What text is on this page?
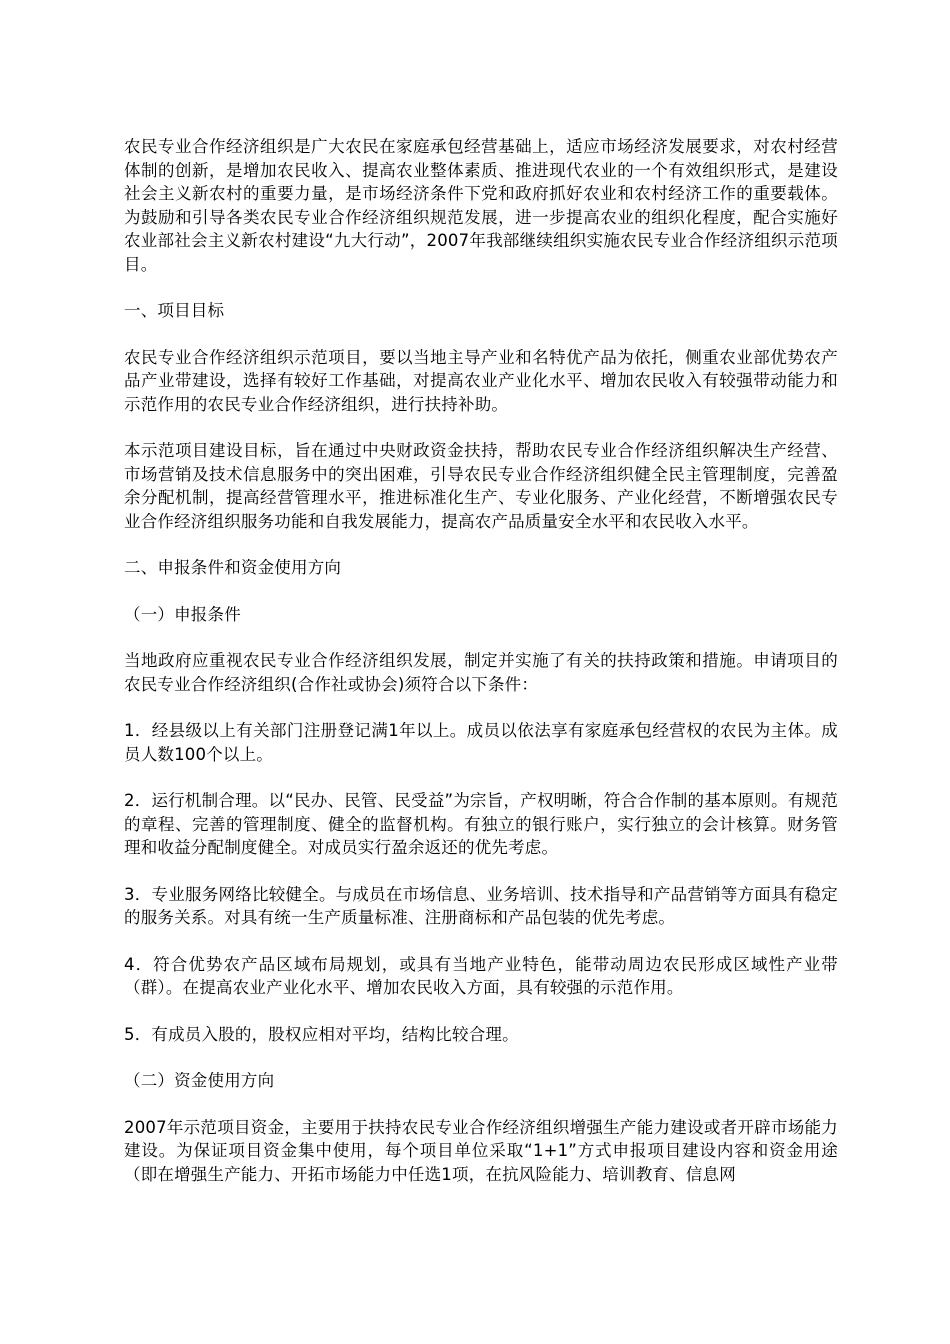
农民专业合作经济组织是广大农民在家庭承包经营基础上，适应市场经济发展要求，对农村经营体制的创新，是增加农民收入、提高农业整体素质、推进现代农业的一个有效组织形式，是建设社会主义新农村的重要力量，是市场经济条件下党和政府抓好农业和农村经济工作的重要载体。为鼓励和引导各类农民专业合作经济组织规范发展，进一步提高农业的组织化程度，配合实施好农业部社会主义新农村建设“九大行动”，2007年我部继续组织实施农民专业合作经济组织示范项目。

一、项目目标

农民专业合作经济组织示范项目，要以当地主导产业和名特优产品为依托，侧重农业部优势农产品产业带建设，选择有较好工作基础，对提高农业产业化水平、增加农民收入有较强带动能力和示范作用的农民专业合作经济组织，进行扶持补助。

本示范项目建设目标，旨在通过中央财政资金扶持，帮助农民专业合作经济组织解决生产经营、市场营销及技术信息服务中的突出困难，引导农民专业合作经济组织健全民主管理制度，完善盈余分配机制，提高经营管理水平，推进标准化生产、专业化服务、产业化经营，不断增强农民专业合作经济组织服务功能和自我发展能力，提高农产品质量安全水平和农民收入水平。

二、申报条件和资金使用方向

（一）申报条件

当地政府应重视农民专业合作经济组织发展，制定并实施了有关的扶持政策和措施。申请项目的农民专业合作经济组织(合作社或协会)须符合以下条件：

1．经县级以上有关部门注册登记满1年以上。成员以依法享有家庭承包经营权的农民为主体。成员人数100个以上。

2．运行机制合理。以“民办、民管、民受益”为宗旨，产权明晰，符合合作制的基本原则。有规范的章程、完善的管理制度、健全的监督机构。有独立的银行账户，实行独立的会计核算。财务管理和收益分配制度健全。对成员实行盈余返还的优先考虑。

3．专业服务网络比较健全。与成员在市场信息、业务培训、技术指导和产品营销等方面具有稳定的服务关系。对具有统一生产质量标准、注册商标和产品包装的优先考虑。

4．符合优势农产品区域布局规划，或具有当地产业特色，能带动周边农民形成区域性产业带（群）。在提高农业产业化水平、增加农民收入方面，具有较强的示范作用。

5．有成员入股的，股权应相对平均，结构比较合理。

（二）资金使用方向

2007年示范项目资金，主要用于扶持农民专业合作经济组织增强生产能力建设或者开辟市场能力建设。为保证项目资金集中使用，每个项目单位采取“1+1”方式申报项目建设内容和资金用途（即在增强生产能力、开拓市场能力中任选1项，在抗风险能力、培训教育、信息网
